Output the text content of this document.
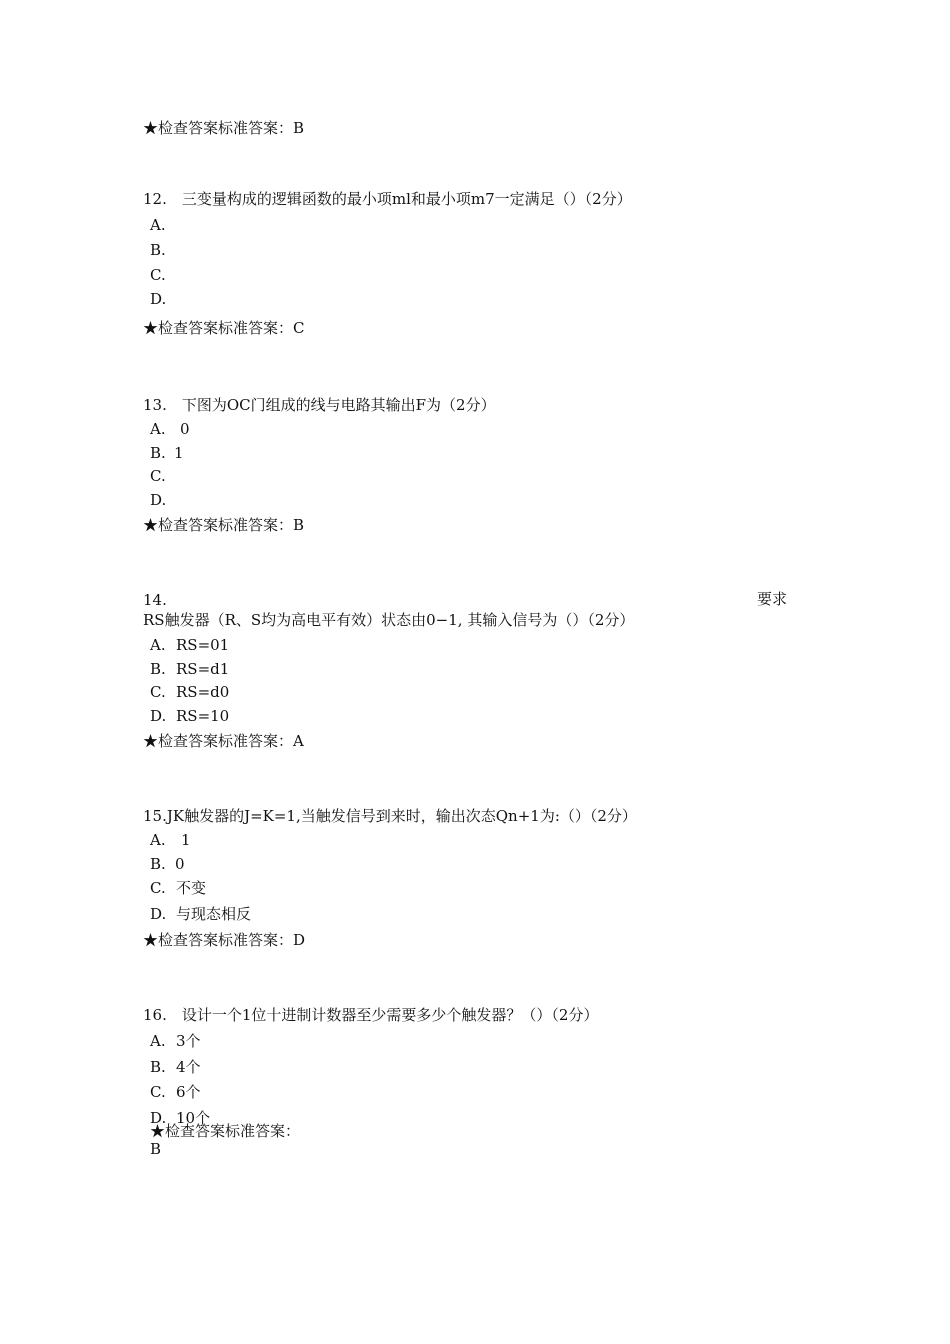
★检查答案标准答案：B
12.　三变量构成的逻辑函数的最小项ml和最小项m7一定满足（）（2分）
A.
B.
C.
D.
★检查答案标准答案：C
13.　下图为OC门组成的线与电路其输出F为（2分）
A. 0
B. 1
C.
D.
★检查答案标准答案：B
14.	要求
RS触发器（R、S均为高电平有效）状态由0−1, 其输入信号为（）（2分）
A. RS=01
B. RS=d1
C. RS=d0
D. RS=10
★检查答案标准答案：A
15.JK触发器的J=K=1,当触发信号到来时，输出次态Qn+1为:（）（2分）
A. 1
B. 0
C. 不变
D. 与现态相反
★检查答案标准答案：D
16.　设计一个1位十进制计数器至少需要多少个触发器？（）（2分）
A. 3个
B. 4个
C. 6个
D. 10个
★检查答案标准答案：
B
